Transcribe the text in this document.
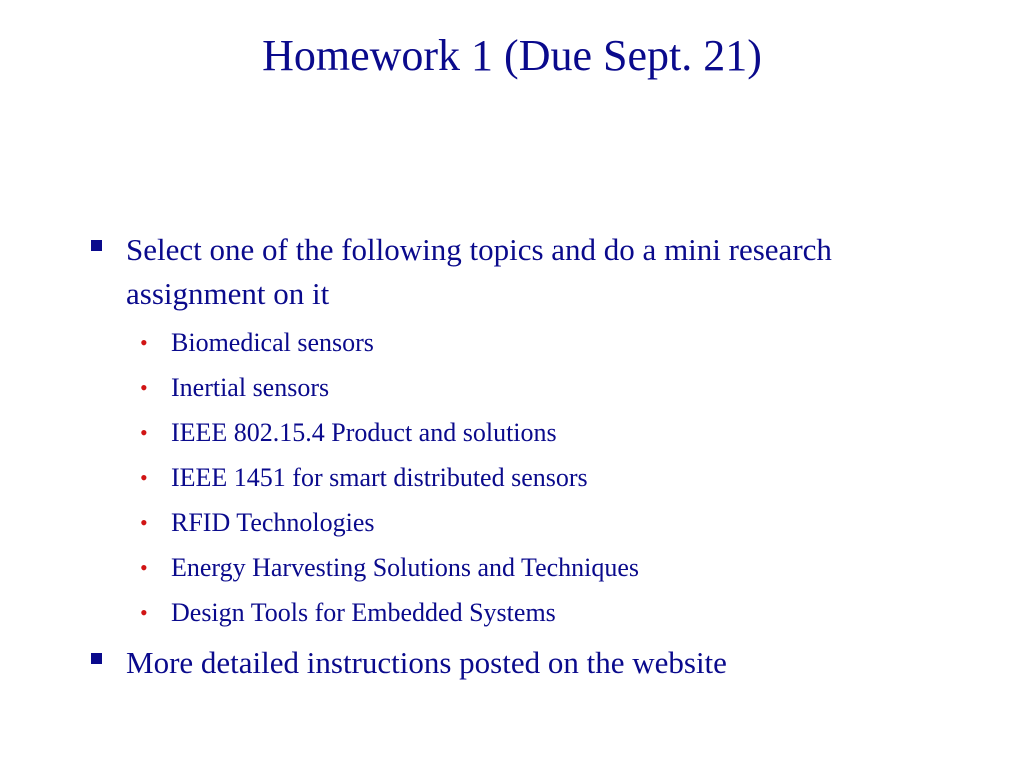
Homework 1 (Due Sept. 21)
Select one of the following topics and do a mini research assignment on it
• Biomedical sensors
• Inertial sensors
• IEEE 802.15.4 Product and solutions
• IEEE 1451 for smart distributed sensors
• RFID Technologies
• Energy Harvesting Solutions and Techniques
• Design Tools for Embedded Systems
More detailed instructions posted on the website
